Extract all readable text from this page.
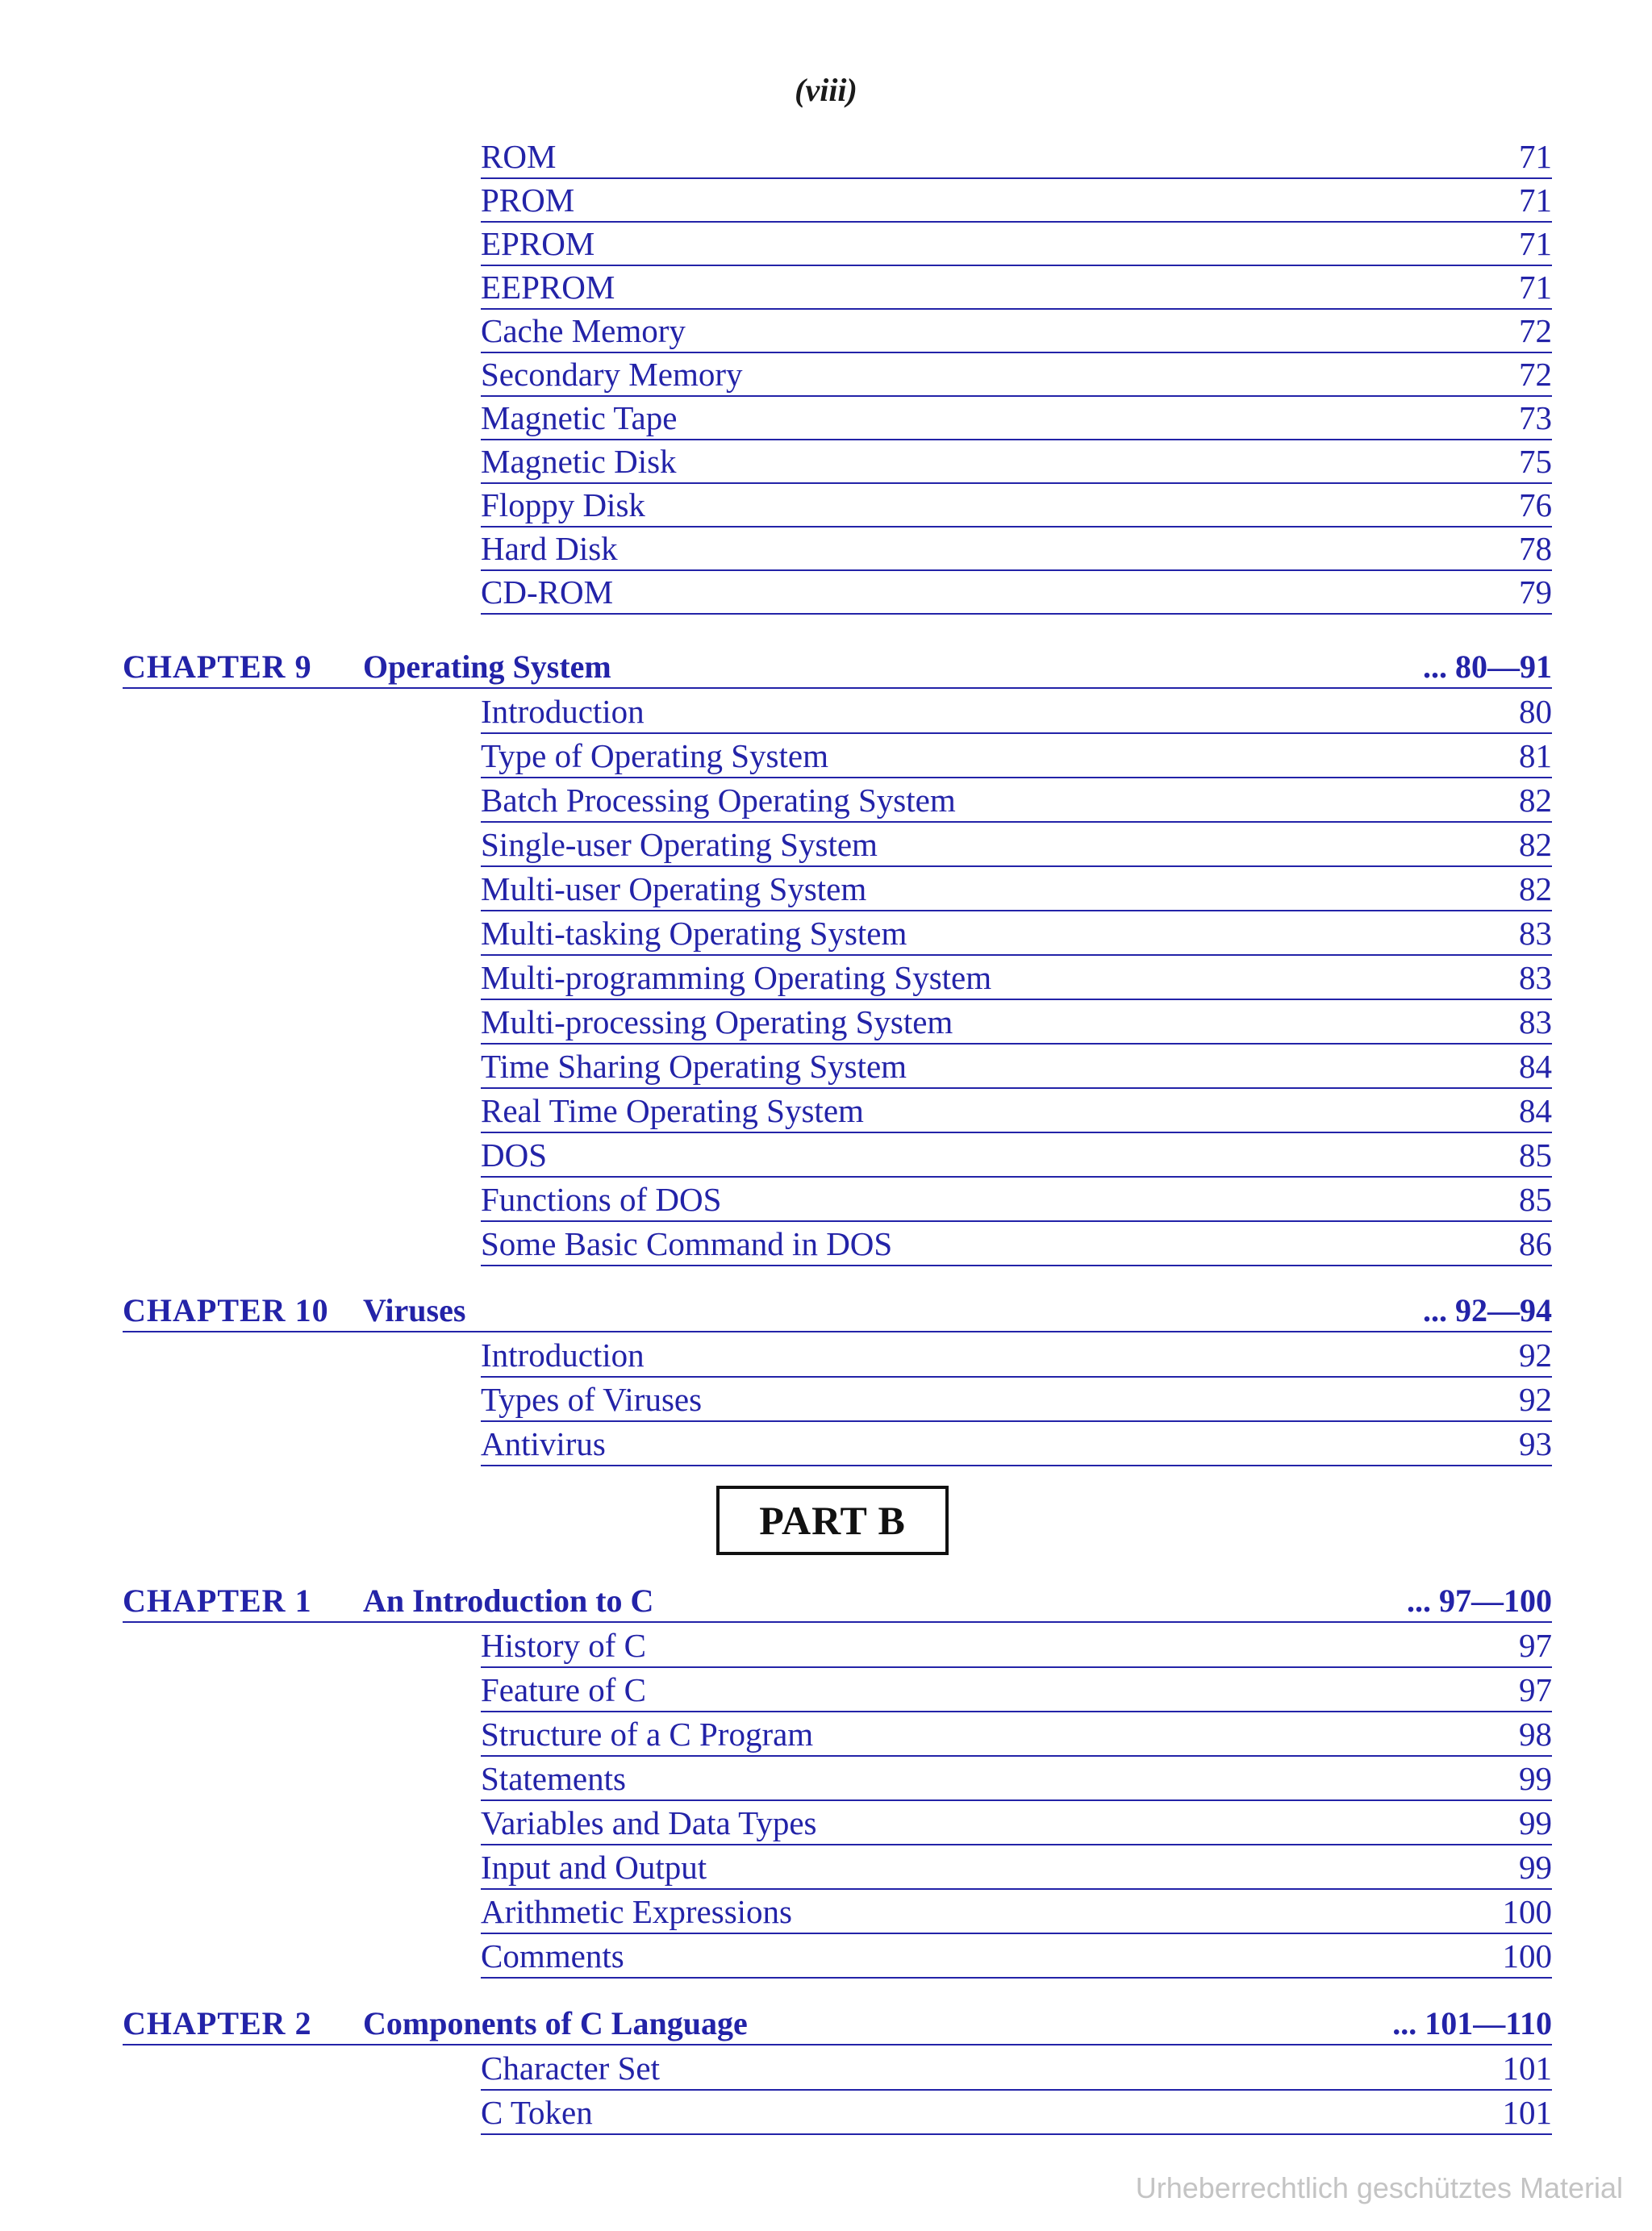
(viii)
ROM	71
PROM	71
EPROM	71
EEPROM	71
Cache Memory	72
Secondary Memory	72
Magnetic Tape	73
Magnetic Disk	75
Floppy Disk	76
Hard Disk	78
CD-ROM	79
CHAPTER 9 Operating System	... 80—91
Introduction	80
Type of Operating System	81
Batch Processing Operating System	82
Single-user Operating System	82
Multi-user Operating System	82
Multi-tasking Operating System	83
Multi-programming Operating System	83
Multi-processing Operating System	83
Time Sharing Operating System	84
Real Time Operating System	84
DOS	85
Functions of DOS	85
Some Basic Command in DOS	86
CHAPTER 10 Viruses	... 92—94
Introduction	92
Types of Viruses	92
Antivirus	93
PART B
CHAPTER 1 An Introduction to C	... 97—100
History of C	97
Feature of C	97
Structure of a C Program	98
Statements	99
Variables and Data Types	99
Input and Output	99
Arithmetic Expressions	100
Comments	100
CHAPTER 2 Components of C Language	... 101—110
Character Set	101
C Token	101
Urheberrechtlich geschütztes Material
